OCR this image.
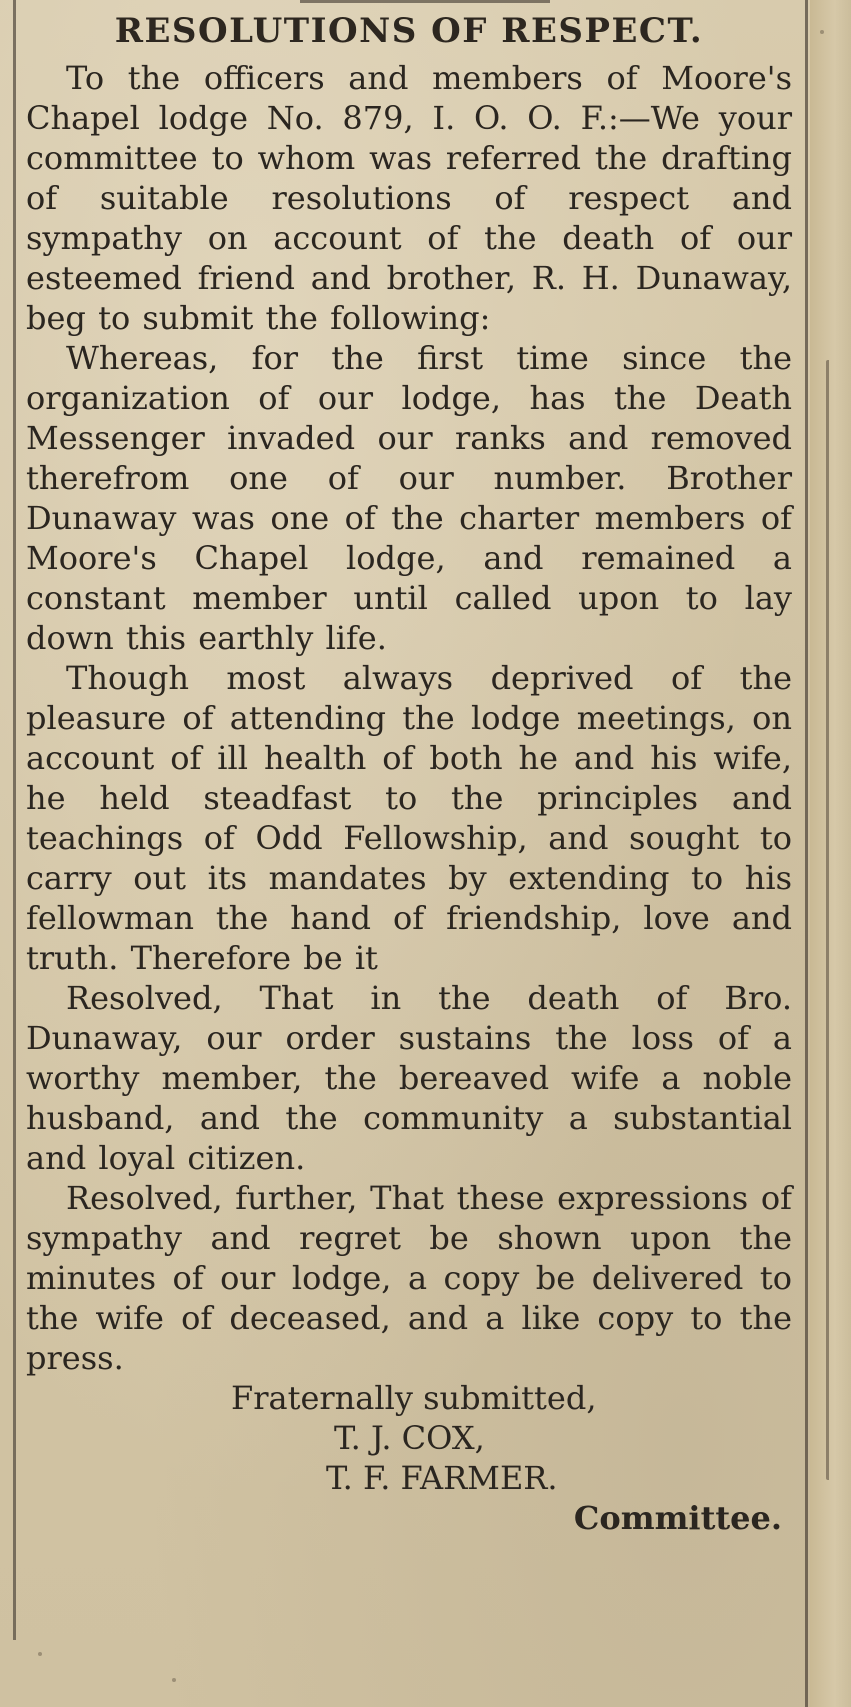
RESOLUTIONS OF RESPECT.

To the officers and members of Moore's Chapel lodge No. 879, I. O. O. F.:—We your committee to whom was referred the drafting of suitable resolutions of respect and sympathy on account of the death of our esteemed friend and brother, R. H. Dunaway, beg to submit the following:

Whereas, for the first time since the organization of our lodge, has the Death Messenger invaded our ranks and removed therefrom one of our number. Brother Dunaway was one of the charter members of Moore's Chapel lodge, and remained a constant member until called upon to lay down this earthly life.

Though most always deprived of the pleasure of attending the lodge meetings, on account of ill health of both he and his wife, he held steadfast to the principles and teachings of Odd Fellowship, and sought to carry out its mandates by extending to his fellowman the hand of friendship, love and truth. Therefore be it

Resolved, That in the death of Bro. Dunaway, our order sustains the loss of a worthy member, the bereaved wife a noble husband, and the community a substantial and loyal citizen.

Resolved, further, That these expressions of sympathy and regret be shown upon the minutes of our lodge, a copy be delivered to the wife of deceased, and a like copy to the press.

Fraternally submitted,

T. J. COX,

T. F. FARMER.

Committee.
